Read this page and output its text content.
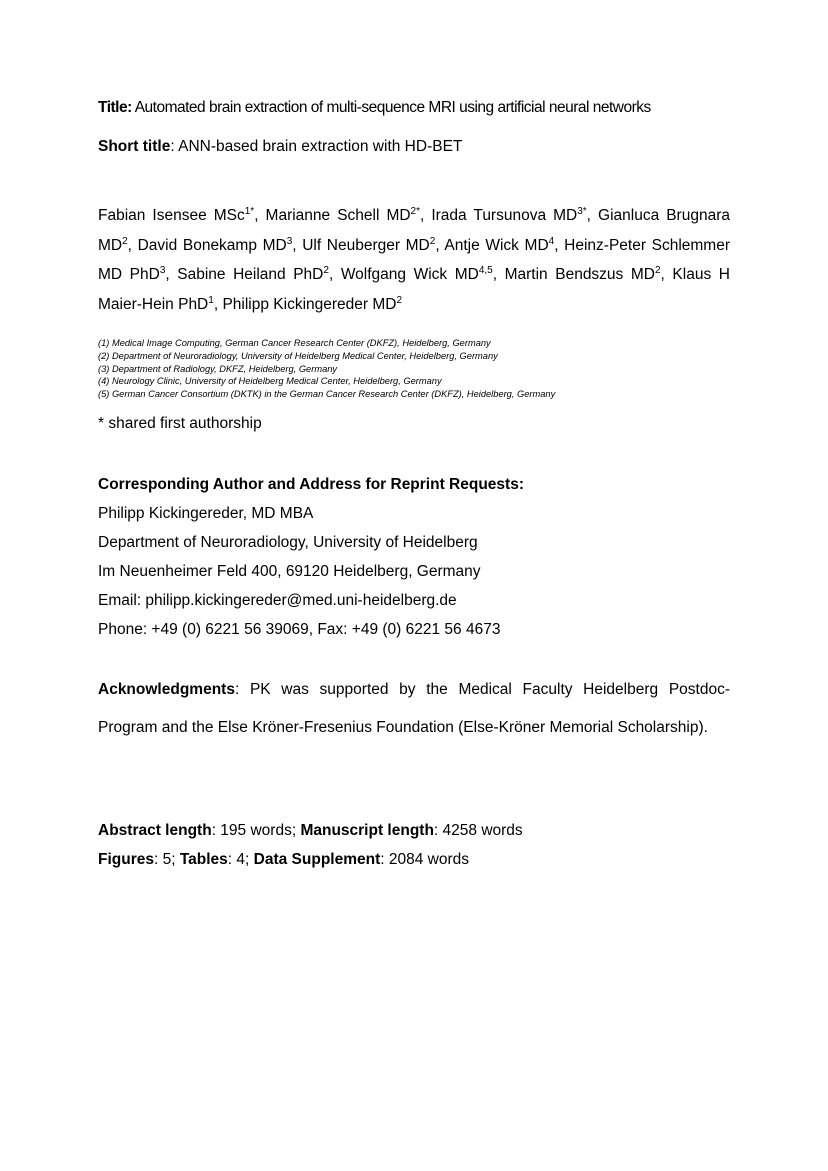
Title: Automated brain extraction of multi-sequence MRI using artificial neural networks

Short title: ANN-based brain extraction with HD-BET

Fabian Isensee MSc$^{1*}$, Marianne Schell $MD^{2*}$, Irada Tursunova $MD^{3*}$, Gianluca Brugnara $MD^2$, David Bonekamp $MD^3$, Ulf Neuberger $MD^2$, Antje Wick $MD^4$, Heinz-Peter Schlemmer MD PhD$^3$, Sabine Heiland PhD$^2$, Wolfgang Wick MD$^{4,5}$, Martin Bendszus $MD^2$, Klaus H Maier-Hein PhD$^1$, Philipp Kickingereder $MD^2$

(1) Medical Image Computing, German Cancer Research Center (DKFZ), Heidelberg, Germany
(2) Department of Neuroradiology, University of Heidelberg Medical Center, Heidelberg, Germany
(3) Department of Radiology, DKFZ, Heidelberg, Germany
(4) Neurology Clinic, University of Heidelberg Medical Center, Heidelberg, Germany
(5) German Cancer Consortium (DKTK) in the German Cancer Research Center (DKFZ), Heidelberg, Germany

* shared first authorship

Corresponding Author and Address for Reprint Requests:
Philipp Kickingereder, MD MBA
Department of Neuroradiology, University of Heidelberg
Im Neuenheimer Feld 400, 69120 Heidelberg, Germany
Email: philipp.kickingereder@med.uni-heidelberg.de
Phone: +49 (0) 6221 56 39069, Fax: +49 (0) 6221 56 4673

Acknowledgments: PK was supported by the Medical Faculty Heidelberg Postdoc-Program and the Else Kröner-Fresenius Foundation (Else-Kröner Memorial Scholarship).

Abstract length: 195 words; Manuscript length: 4258 words
Figures: 5; Tables: 4; Data Supplement: 2084 words
